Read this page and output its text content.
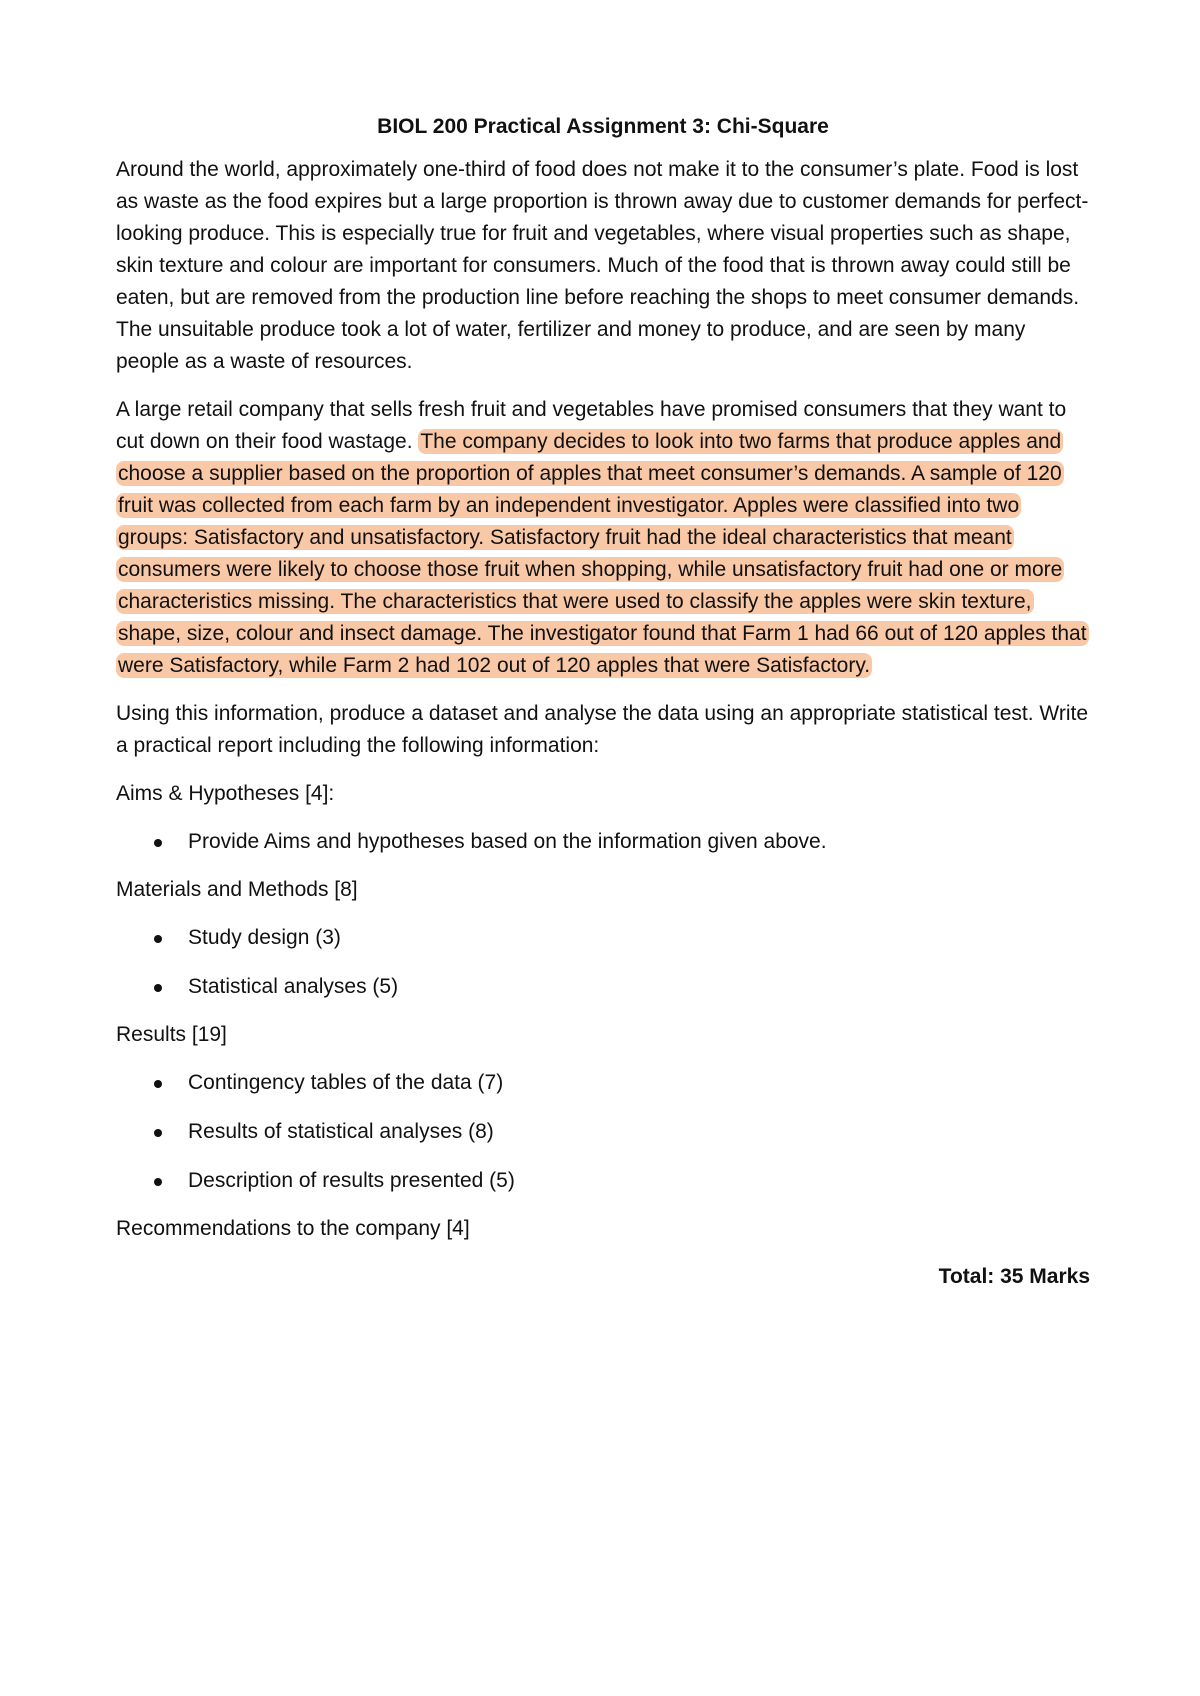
BIOL 200 Practical Assignment 3: Chi-Square

Around the world, approximately one-third of food does not make it to the consumer’s plate. Food is lost as waste as the food expires but a large proportion is thrown away due to customer demands for perfect-looking produce. This is especially true for fruit and vegetables, where visual properties such as shape, skin texture and colour are important for consumers. Much of the food that is thrown away could still be eaten, but are removed from the production line before reaching the shops to meet consumer demands. The unsuitable produce took a lot of water, fertilizer and money to produce, and are seen by many people as a waste of resources.

A large retail company that sells fresh fruit and vegetables have promised consumers that they want to cut down on their food wastage. The company decides to look into two farms that produce apples and choose a supplier based on the proportion of apples that meet consumer’s demands. A sample of 120 fruit was collected from each farm by an independent investigator. Apples were classified into two groups: Satisfactory and unsatisfactory. Satisfactory fruit had the ideal characteristics that meant consumers were likely to choose those fruit when shopping, while unsatisfactory fruit had one or more characteristics missing. The characteristics that were used to classify the apples were skin texture, shape, size, colour and insect damage. The investigator found that Farm 1 had 66 out of 120 apples that were Satisfactory, while Farm 2 had 102 out of 120 apples that were Satisfactory.

Using this information, produce a dataset and analyse the data using an appropriate statistical test. Write a practical report including the following information:

Aims & Hypotheses [4]:

Provide Aims and hypotheses based on the information given above.

Materials and Methods [8]

Study design (3)
Statistical analyses (5)

Results [19]

Contingency tables of the data (7)
Results of statistical analyses (8)
Description of results presented (5)

Recommendations to the company [4]

Total: 35 Marks
